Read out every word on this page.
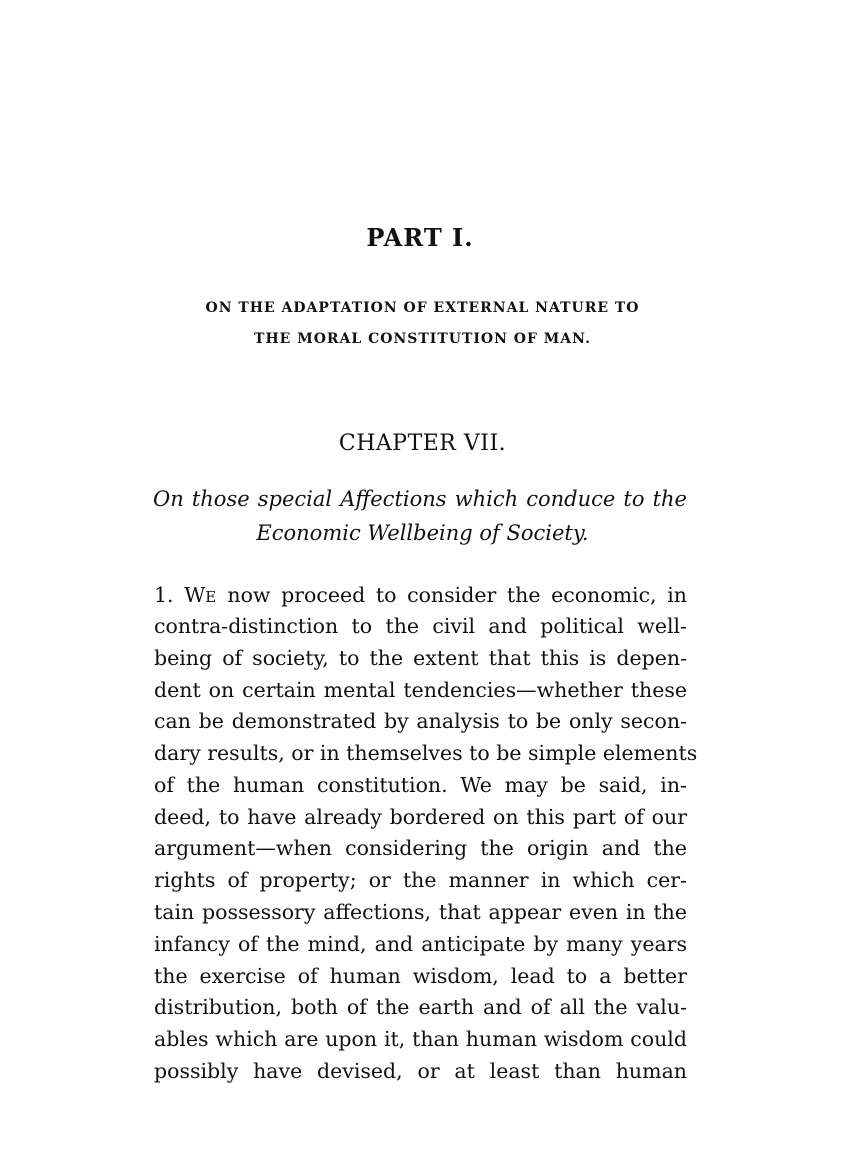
PART I.
ON THE ADAPTATION OF EXTERNAL NATURE TO
THE MORAL CONSTITUTION OF MAN.
CHAPTER VII.
On those special Affections which conduce to the
Economic Wellbeing of Society.
1. WE now proceed to consider the economic, in
contra-distinction to the civil and political well-
being of society, to the extent that this is depen-
dent on certain mental tendencies—whether these
can be demonstrated by analysis to be only secon-
dary results, or in themselves to be simple elements
of the human constitution. We may be said, in-
deed, to have already bordered on this part of our
argument—when considering the origin and the
rights of property; or the manner in which cer-
tain possessory affections, that appear even in the
infancy of the mind, and anticipate by many years
the exercise of human wisdom, lead to a better
distribution, both of the earth and of all the valu-
ables which are upon it, than human wisdom could
possibly have devised, or at least than human
